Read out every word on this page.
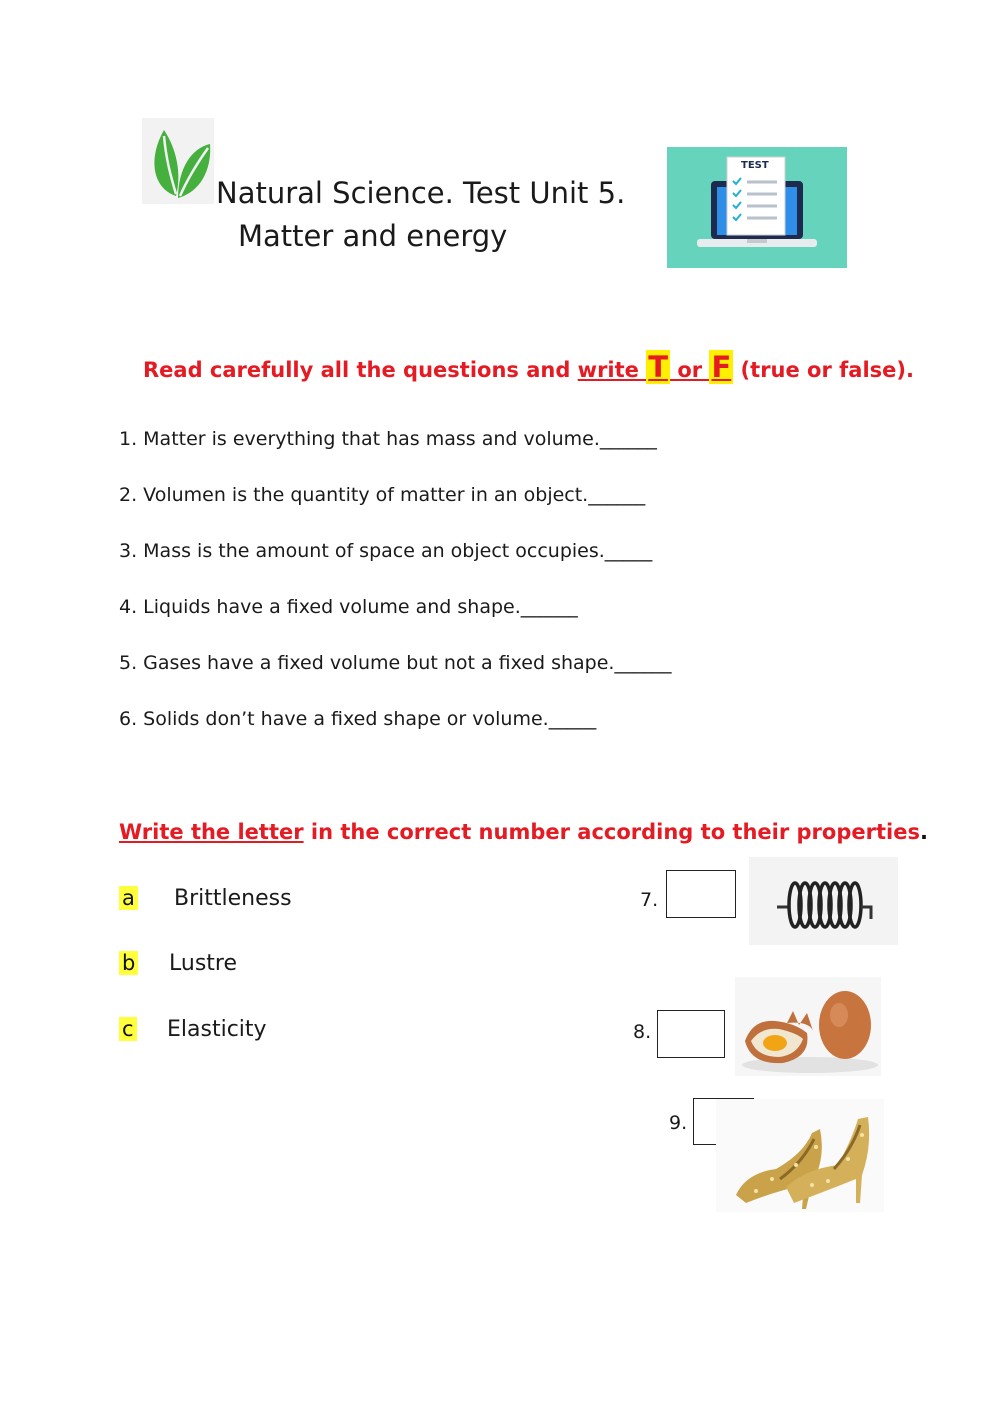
Natural Science. Test Unit 5.
Matter and energy
TEST
Read carefully all the questions and write T or F (true or false).
1. Matter is everything that has mass and volume.______
2. Volumen is the quantity of matter in an object.______
3. Mass is the amount of space an object occupies._____
4. Liquids have a fixed volume and shape.______
5. Gases have a fixed volume but not a fixed shape.______
6. Solids don’t have a fixed shape or volume._____
Write the letter in the correct number according to their properties.
a Brittleness
b Lustre
c Elasticity
7.
8.
9.
